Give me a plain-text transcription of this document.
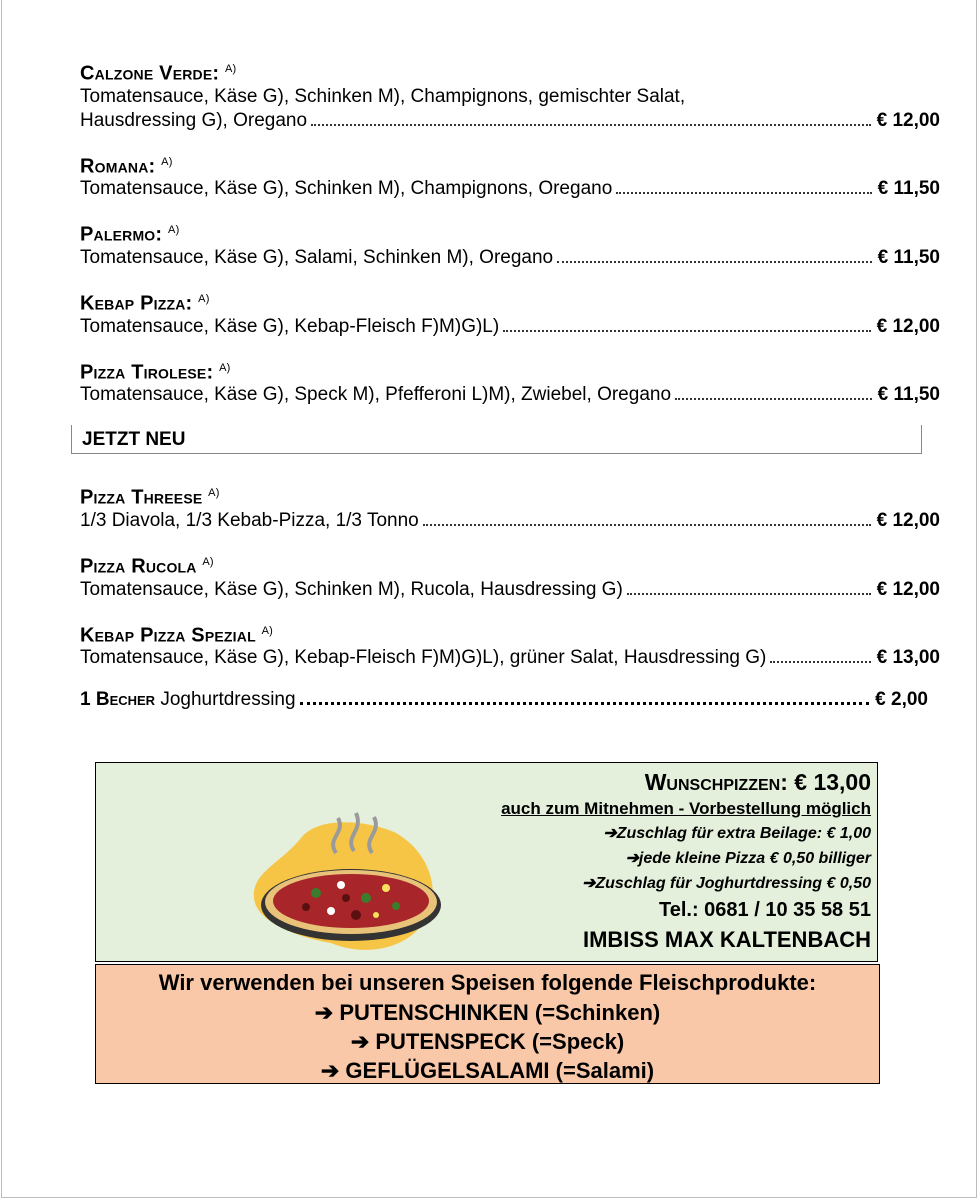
Calzone Verde: $^{A)}$
Tomatensauce, Käse G), Schinken M), Champignons, gemischter Salat,
Hausdressing G), Oregano	€ 12,00
Romana: $^{A)}$
Tomatensauce, Käse G), Schinken M), Champignons, Oregano	€ 11,50
Palermo: $^{A)}$
Tomatensauce, Käse G), Salami, Schinken M), Oregano	€ 11,50
Kebap Pizza: $^{A)}$
Tomatensauce, Käse G), Kebap-Fleisch F)M)G)L)	€ 12,00
Pizza Tirolese: $^{A)}$
Tomatensauce, Käse G), Speck M), Pfefferoni L)M), Zwiebel, Oregano	€ 11,50
JETZT NEU
Pizza Threese $^{A)}$
1/3 Diavola, 1/3 Kebab-Pizza, 1/3 Tonno	€ 12,00
Pizza Rucola $^{A)}$
Tomatensauce, Käse G), Schinken M), Rucola, Hausdressing G)	€ 12,00
Kebap Pizza Spezial $^{A)}$
Tomatensauce, Käse G), Kebap-Fleisch F)M)G)L), grüner Salat, Hausdressing G)	€ 13,00
1 Becher Joghurtdressing	€ 2,00
Wunschpizzen: € 13,00
auch zum Mitnehmen - Vorbestellung möglich
➔Zuschlag für extra Beilage: € 1,00
➔jede kleine Pizza € 0,50 billiger
➔Zuschlag für Joghurtdressing € 0,50
Tel.: 0681 / 10 35 58 51
IMBISS MAX KALTENBACH
Wir verwenden bei unseren Speisen folgende Fleischprodukte:
➔ PUTENSCHINKEN (=Schinken)
➔ PUTENSPECK (=Speck)
➔ GEFLÜGELSALAMI (=Salami)
